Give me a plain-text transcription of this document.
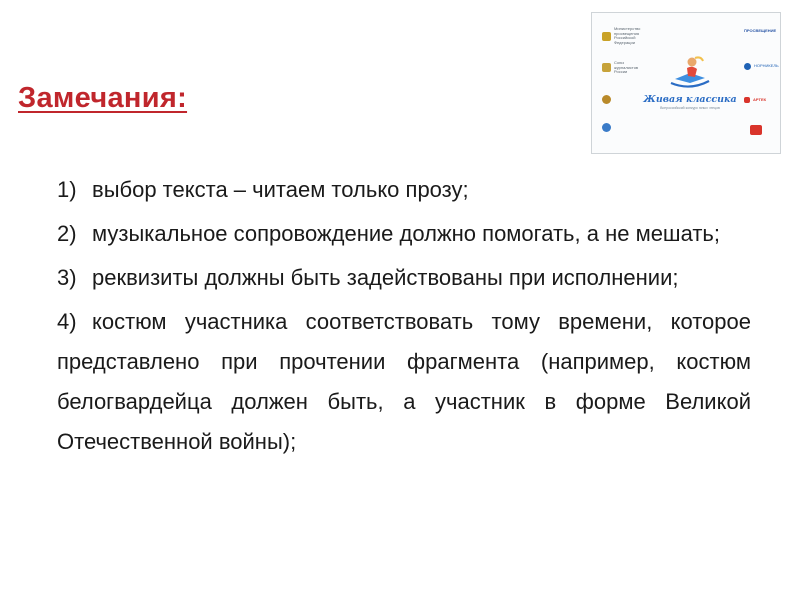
Замечания:
Министерство просвещения Российской Федерации
Союз журналистов России
Живая классика
Всероссийский конкурс юных чтецов
ПРОСВЕЩЕНИЕ
НОРНИКЕЛЬ
АРТЕК
1) выбор текста – читаем только прозу;
2) музыкальное сопровождение должно помогать, а не мешать;
3) реквизиты должны быть задействованы при исполнении;
4) костюм участника соответствовать тому времени, которое представлено при прочтении фрагмента (например, костюм белогвардейца должен быть, а участник в форме Великой Отечественной войны);
